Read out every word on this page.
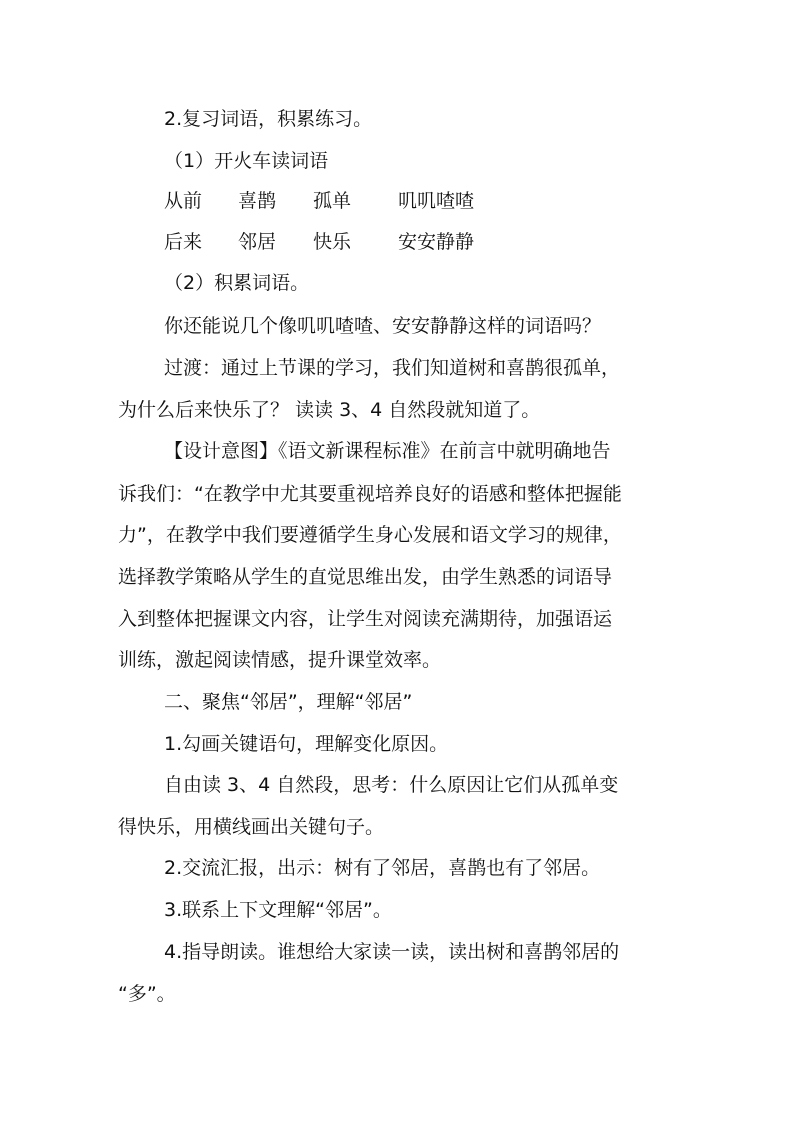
2.复习词语，积累练习。

（1）开火车读词语

从前 喜鹊 孤单 叽叽喳喳
后来 邻居 快乐 安安静静

（2）积累词语。

你还能说几个像叽叽喳喳、安安静静这样的词语吗？

过渡：通过上节课的学习，我们知道树和喜鹊很孤单，

为什么后来快乐了？ 读读 3、4 自然段就知道了。

【设计意图】《语文新课程标准》在前言中就明确地告

诉我们：“在教学中尤其要重视培养良好的语感和整体把握能

力”，在教学中我们要遵循学生身心发展和语文学习的规律，

选择教学策略从学生的直觉思维出发，由学生熟悉的词语导

入到整体把握课文内容，让学生对阅读充满期待，加强语运

训练，激起阅读情感，提升课堂效率。

二、聚焦“邻居”，理解“邻居”

1.勾画关键语句，理解变化原因。

自由读 3、4 自然段，思考：什么原因让它们从孤单变

得快乐，用横线画出关键句子。

2.交流汇报，出示：树有了邻居，喜鹊也有了邻居。

3.联系上下文理解“邻居”。

4.指导朗读。谁想给大家读一读，读出树和喜鹊邻居的

“多”。
